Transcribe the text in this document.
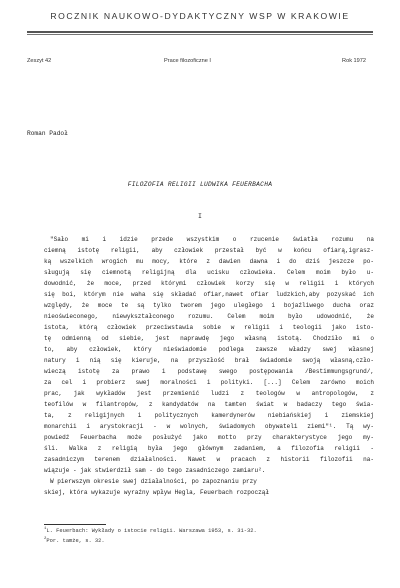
ROCZNIK NAUKOWO-DYDAKTYCZNY WSP W KRAKOWIE
Zeszyt 42	Prace filozoficzne I	Rok 1972
Roman Padoł
FILOZOFIA RELIGII LUDWIKA FEUERBACHA
I
"Sało mi i idzie przede wszystkim o rzucenie światła rozumu na
ciemną istotę religii, aby człowiek przestał być w końcu ofiarą,igrasz-
ką wszelkich wrogich mu mocy, które z dawien dawna i do dziś jeszcze po-
sługują się ciemnotą religijną dla ucisku człowieka. Celem moim było u-
dowodnić, że moce, przed którymi człowiek korzy się w religii i których
się boi, którym nie waha się składać ofiar,nawet ofiar ludzkich,aby pozyskać ich
względy, że moce te są tylko tworem jego uległego i bojaźliwego ducha oraz
nieoświeconego, niewykształconego rozumu. Celem moim było udowodnić, że
istota, którą człowiek przeciwstawia sobie w religii i teologii jako isto-
tę odmienną od siebie, jest naprawdę jego własną istotą. Chodziło mi o
to, aby człowiek, który nieświadomie podlega zawsze władzy swej własnej
natury i nią się kieruje, na przyszłość brał świadomie swoją własną,czło-
wieczą istotę za prawo i podstawę swego postępowania /Bestimmungsgrund/,
za cel i probierz swej moralności i polityki. [...] Celem zarówno moich
prac, jak wykładów jest przemienić ludzi z teologów w antropologów, z
teofilów w filantropów, z kandydatów na tamten świat w badaczy tego świa-
ta, z religijnych i politycznych kamerdynerów niebiańskiej i ziemskiej
monarchii i arystokracji - w wolnych, świadomych obywateli ziemi"¹. Tą wy-
powiedź Feuerbacha może posłużyć jako motto przy charakterystyce jego my-
śli. Walka z religią była jego głównym zadaniem, a filozofia religii -
zasadniczym terenem działalności. Nawet w pracach z historii filozofii na-
wiązuje - jak stwierdził sam - do tego zasadniczego zamiaru².
W pierwszym okresie swej działalności, po zapoznaniu przy
skiej, która wykazuje wyraźny wpływ Hegla, Feuerbach rozpoczął
$^1$L. Feuerbach: Wykłady o istocie religii. Warszawa 1953, s. 31-32.
$^2$Por. tamże, s. 32.
